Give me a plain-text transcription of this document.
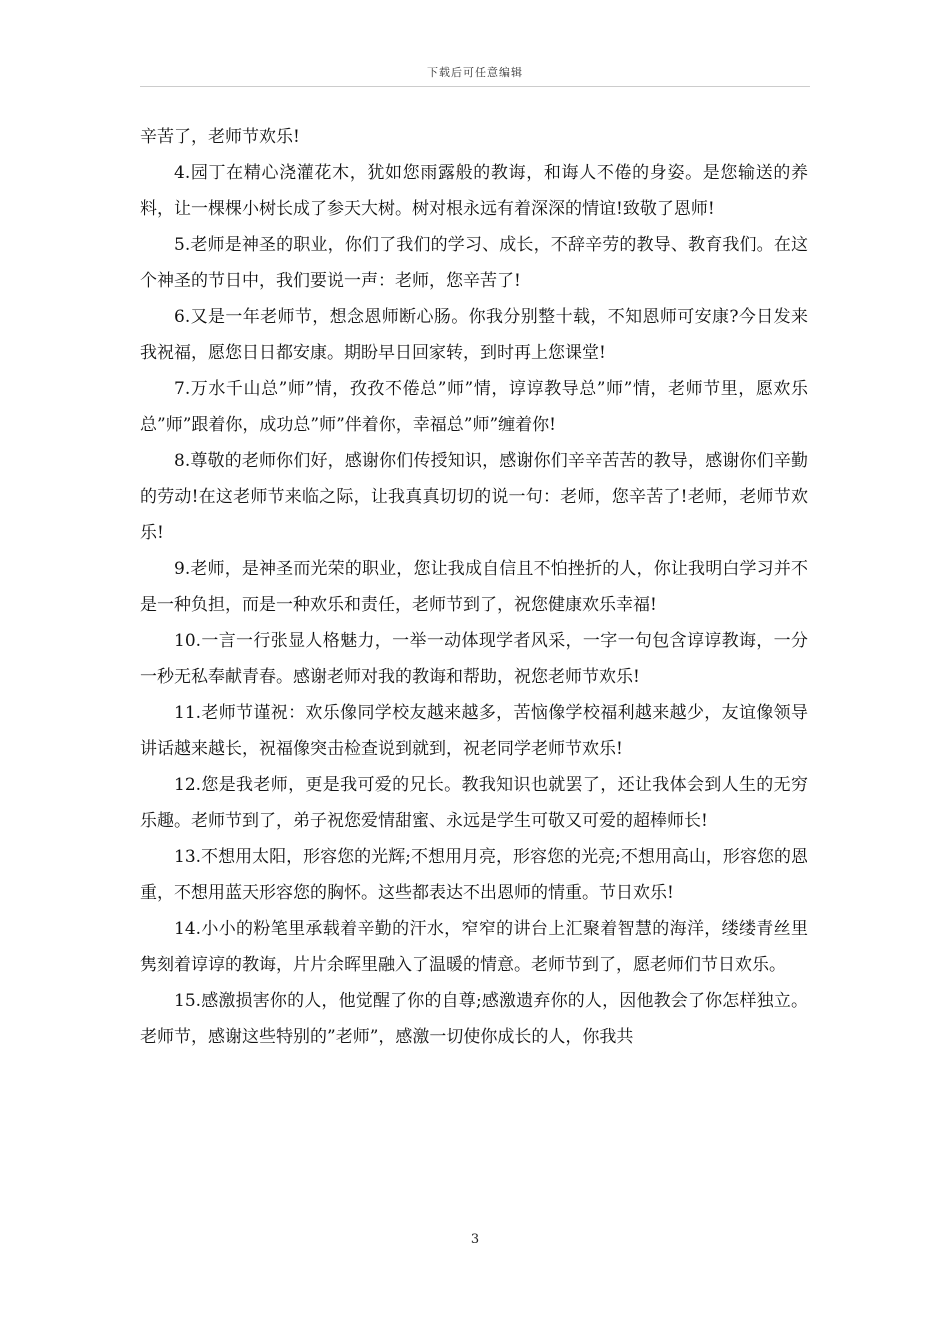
下载后可任意编辑

辛苦了，老师节欢乐!

4.园丁在精心浇灌花木，犹如您雨露般的教诲，和诲人不倦的身姿。是您输送的养料，让一棵棵小树长成了参天大树。树对根永远有着深深的情谊!致敬了恩师!

5.老师是神圣的职业，你们了我们的学习、成长，不辞辛劳的教导、教育我们。在这个神圣的节日中，我们要说一声：老师，您辛苦了!

6.又是一年老师节，想念恩师断心肠。你我分别整十载，不知恩师可安康?今日发来我祝福，愿您日日都安康。期盼早日回家转，到时再上您课堂!

7.万水千山总”师”情，孜孜不倦总”师”情，谆谆教导总”师”情，老师节里，愿欢乐总”师”跟着你，成功总”师”伴着你，幸福总”师”缠着你!

8.尊敬的老师你们好，感谢你们传授知识，感谢你们辛辛苦苦的教导，感谢你们辛勤的劳动!在这老师节来临之际，让我真真切切的说一句：老师，您辛苦了!老师，老师节欢乐!

9.老师，是神圣而光荣的职业，您让我成自信且不怕挫折的人，你让我明白学习并不是一种负担，而是一种欢乐和责任，老师节到了，祝您健康欢乐幸福!

10.一言一行张显人格魅力，一举一动体现学者风采，一字一句包含谆谆教诲，一分一秒无私奉献青春。感谢老师对我的教诲和帮助，祝您老师节欢乐!

11.老师节谨祝：欢乐像同学校友越来越多，苦恼像学校福利越来越少，友谊像领导讲话越来越长，祝福像突击检查说到就到，祝老同学老师节欢乐!

12.您是我老师，更是我可爱的兄长。教我知识也就罢了，还让我体会到人生的无穷乐趣。老师节到了，弟子祝您爱情甜蜜、永远是学生可敬又可爱的超棒师长!

13.不想用太阳，形容您的光辉;不想用月亮，形容您的光亮;不想用高山，形容您的恩重，不想用蓝天形容您的胸怀。这些都表达不出恩师的情重。节日欢乐!

14.小小的粉笔里承载着辛勤的汗水，窄窄的讲台上汇聚着智慧的海洋，缕缕青丝里隽刻着谆谆的教诲，片片余晖里融入了温暖的情意。老师节到了，愿老师们节日欢乐。

15.感激损害你的人，他觉醒了你的自尊;感激遗弃你的人，因他教会了你怎样独立。老师节，感谢这些特别的”老师”，感激一切使你成长的人，你我共

3
